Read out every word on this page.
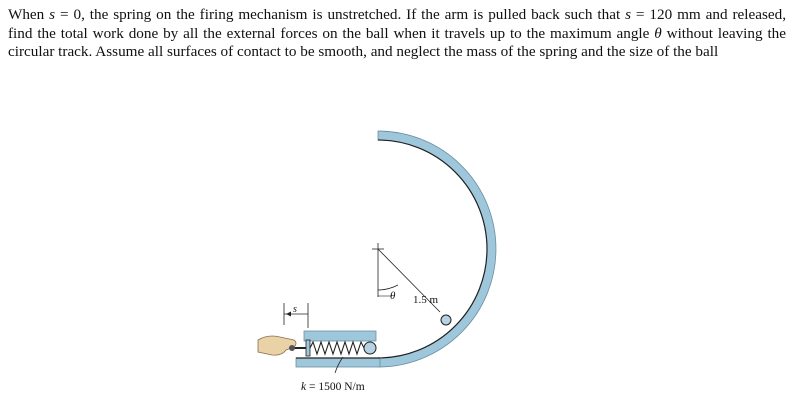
When s = 0, the spring on the firing mechanism is unstretched. If the arm is pulled back such that s = 120 mm and released, find the total work done by all the external forces on the ball when it travels up to the maximum angle θ without leaving the circular track. Assume all surfaces of contact to be smooth, and neglect the mass of the spring and the size of the ball

1.5 m
θ
s
k = 1500 N/m
